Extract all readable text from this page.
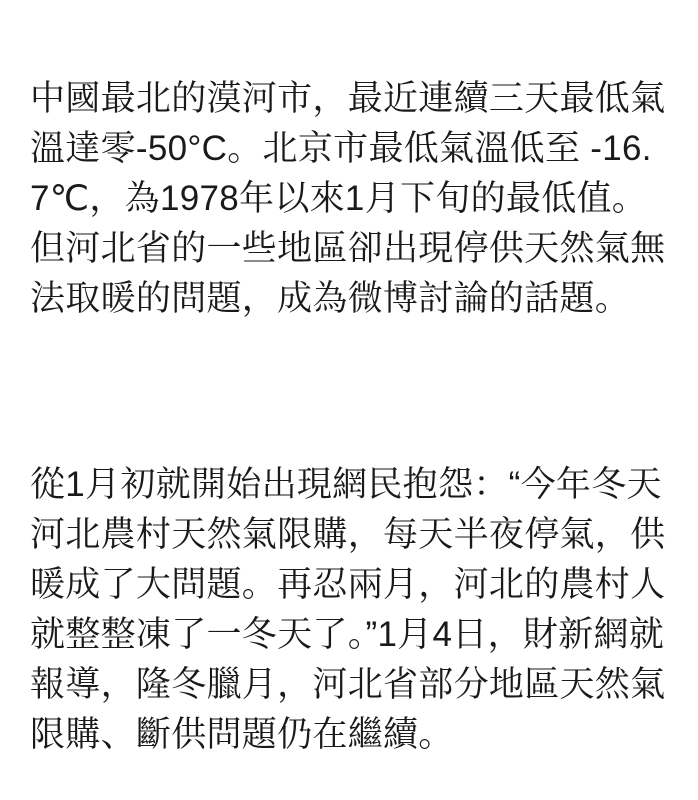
中國最北的漠河市，最近連續三天最低氣溫達零-50°C。北京市最低氣溫低至 -16.7℃，為1978年以來1月下旬的最低值。但河北省的一些地區卻出現停供天然氣無法取暖的問題，成為微博討論的話題。

從1月初就開始出現網民抱怨：“今年冬天河北農村天然氣限購，每天半夜停氣，供暖成了大問題。再忍兩月，河北的農村人就整整凍了一冬天了。”1月4日，財新網就報導，隆冬臘月，河北省部分地區天然氣限購、斷供問題仍在繼續。
